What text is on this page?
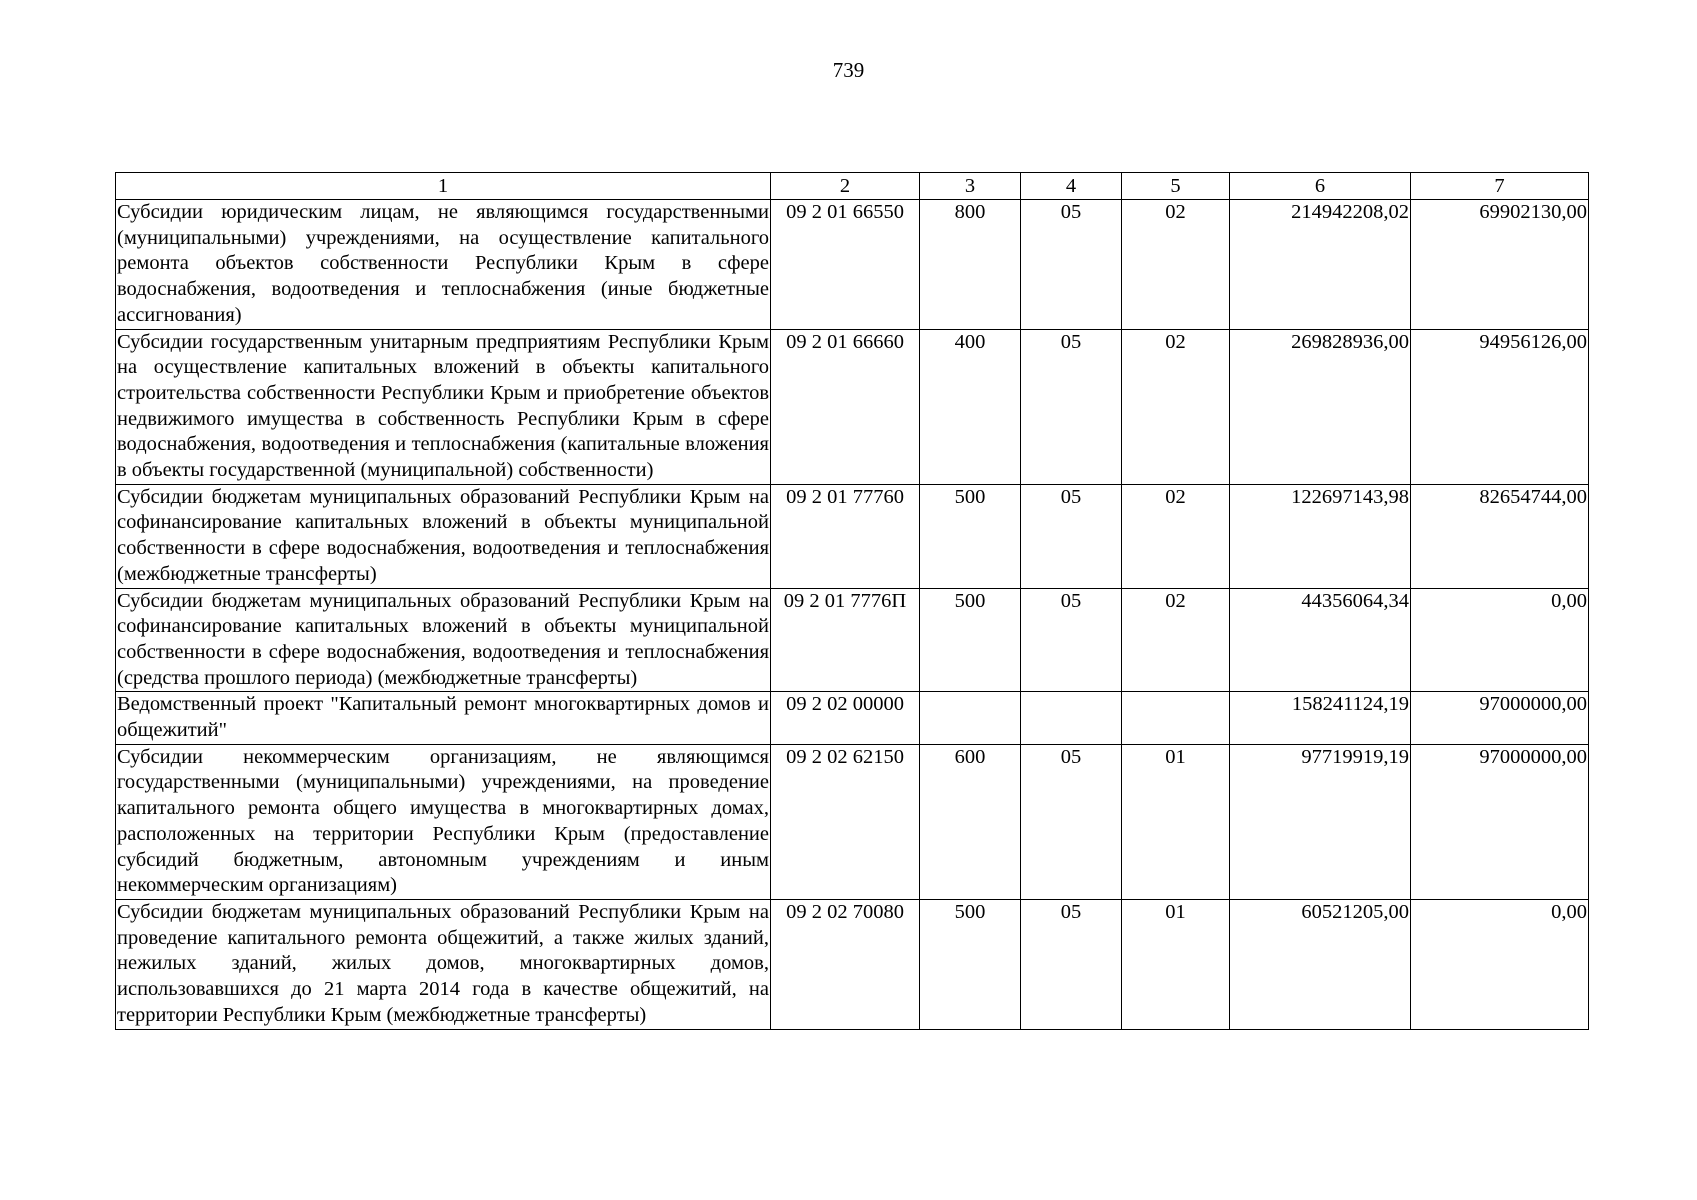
739
1	2	3	4	5	6	7
Субсидии юридическим лицам, не являющимся государственными (муниципальными) учреждениями, на осуществление капитального ремонта объектов собственности Республики Крым в сфере водоснабжения, водоотведения и теплоснабжения (иные бюджетные ассигнования)	09 2 01 66550	800	05	02	214942208,02	69902130,00
Субсидии государственным унитарным предприятиям Республики Крым на осуществление капитальных вложений в объекты капитального строительства собственности Республики Крым и приобретение объектов недвижимого имущества в собственность Республики Крым в сфере водоснабжения, водоотведения и теплоснабжения (капитальные вложения в объекты государственной (муниципальной) собственности)	09 2 01 66660	400	05	02	269828936,00	94956126,00
Субсидии бюджетам муниципальных образований Республики Крым на софинансирование капитальных вложений в объекты муниципальной собственности в сфере водоснабжения, водоотведения и теплоснабжения (межбюджетные трансферты)	09 2 01 77760	500	05	02	122697143,98	82654744,00
Субсидии бюджетам муниципальных образований Республики Крым на софинансирование капитальных вложений в объекты муниципальной собственности в сфере водоснабжения, водоотведения и теплоснабжения (средства прошлого периода) (межбюджетные трансферты)	09 2 01 7776П	500	05	02	44356064,34	0,00
Ведомственный проект "Капитальный ремонт многоквартирных домов и общежитий"	09 2 02 00000				158241124,19	97000000,00
Субсидии некоммерческим организациям, не являющимся государственными (муниципальными) учреждениями, на проведение капитального ремонта общего имущества в многоквартирных домах, расположенных на территории Республики Крым (предоставление субсидий бюджетным, автономным учреждениям и иным некоммерческим организациям)	09 2 02 62150	600	05	01	97719919,19	97000000,00
Субсидии бюджетам муниципальных образований Республики Крым на проведение капитального ремонта общежитий, а также жилых зданий, нежилых зданий, жилых домов, многоквартирных домов, использовавшихся до 21 марта 2014 года в качестве общежитий, на территории Республики Крым (межбюджетные трансферты)	09 2 02 70080	500	05	01	60521205,00	0,00
